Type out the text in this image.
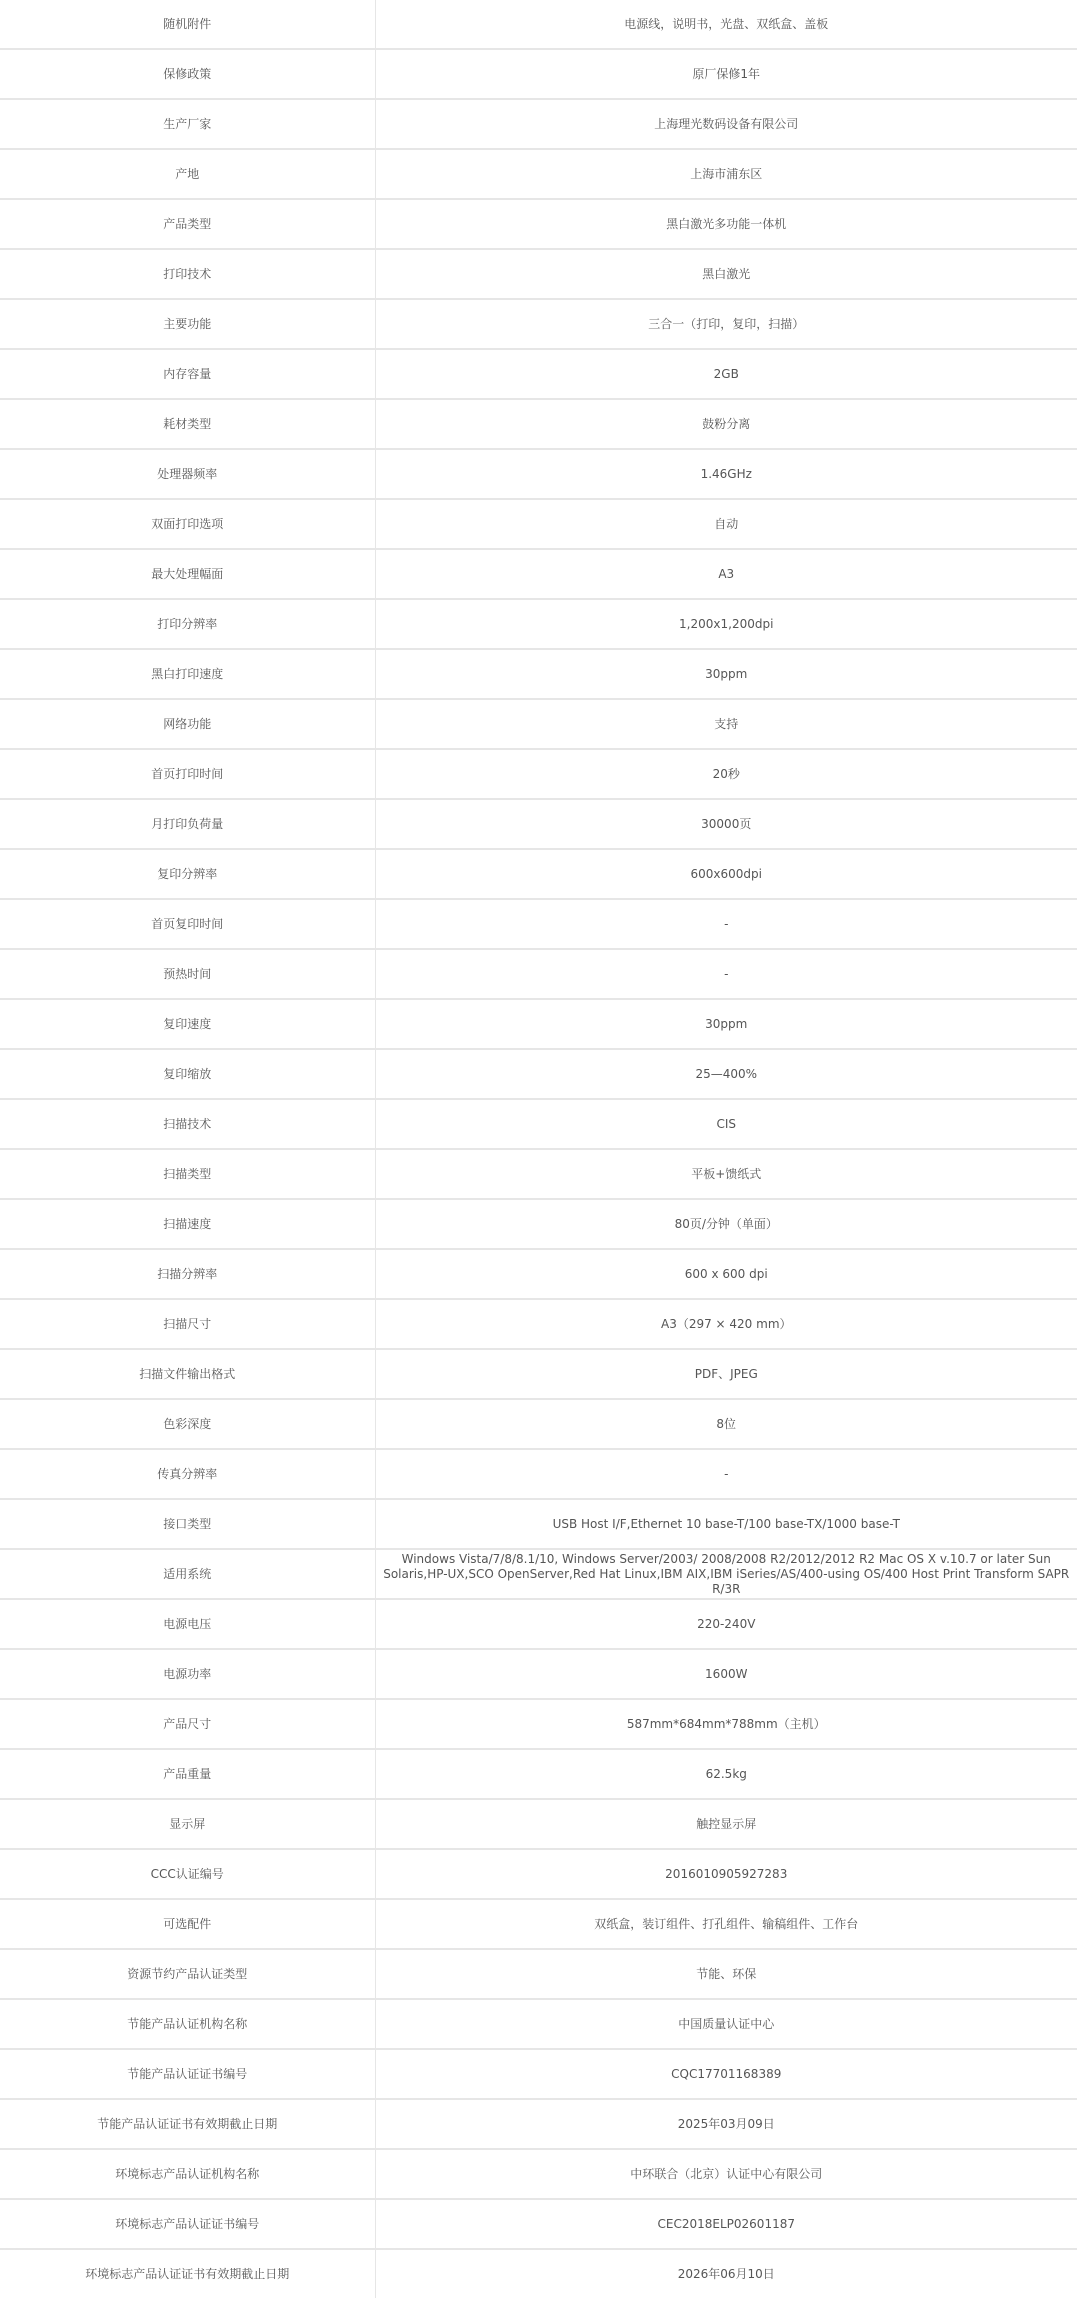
随机附件	电源线，说明书，光盘、双纸盒、盖板
保修政策	原厂保修1年
生产厂家	上海理光数码设备有限公司
产地	上海市浦东区
产品类型	黑白激光多功能一体机
打印技术	黑白激光
主要功能	三合一（打印，复印，扫描）
内存容量	2GB
耗材类型	鼓粉分离
处理器频率	1.46GHz
双面打印选项	自动
最大处理幅面	A3
打印分辨率	1,200x1,200dpi
黑白打印速度	30ppm
网络功能	支持
首页打印时间	20秒
月打印负荷量	30000页
复印分辨率	600x600dpi
首页复印时间	-
预热时间	-
复印速度	30ppm
复印缩放	25—400%
扫描技术	CIS
扫描类型	平板+馈纸式
扫描速度	80页/分钟（单面）
扫描分辨率	600 x 600 dpi
扫描尺寸	A3（297 × 420 mm）
扫描文件输出格式	PDF、JPEG
色彩深度	8位
传真分辨率	-
接口类型	USB Host I/F,Ethernet 10 base-T/100 base-TX/1000 base-T
适用系统	Windows Vista/7/8/8.1/10, Windows Server/2003/ 2008/2008 R2/2012/2012 R2 Mac OS X v.10.7 or later Sun Solaris,HP-UX,SCO OpenServer,Red Hat Linux,IBM AIX,IBM iSeries/AS/400-using OS/400 Host Print Transform SAPR R/3R
电源电压	220-240V
电源功率	1600W
产品尺寸	587mm*684mm*788mm（主机）
产品重量	62.5kg
显示屏	触控显示屏
CCC认证编号	2016010905927283
可选配件	双纸盒，装订组件、打孔组件、输稿组件、工作台
资源节约产品认证类型	节能、环保
节能产品认证机构名称	中国质量认证中心
节能产品认证证书编号	CQC17701168389
节能产品认证证书有效期截止日期	2025年03月09日
环境标志产品认证机构名称	中环联合（北京）认证中心有限公司
环境标志产品认证证书编号	CEC2018ELP02601187
环境标志产品认证证书有效期截止日期	2026年06月10日
